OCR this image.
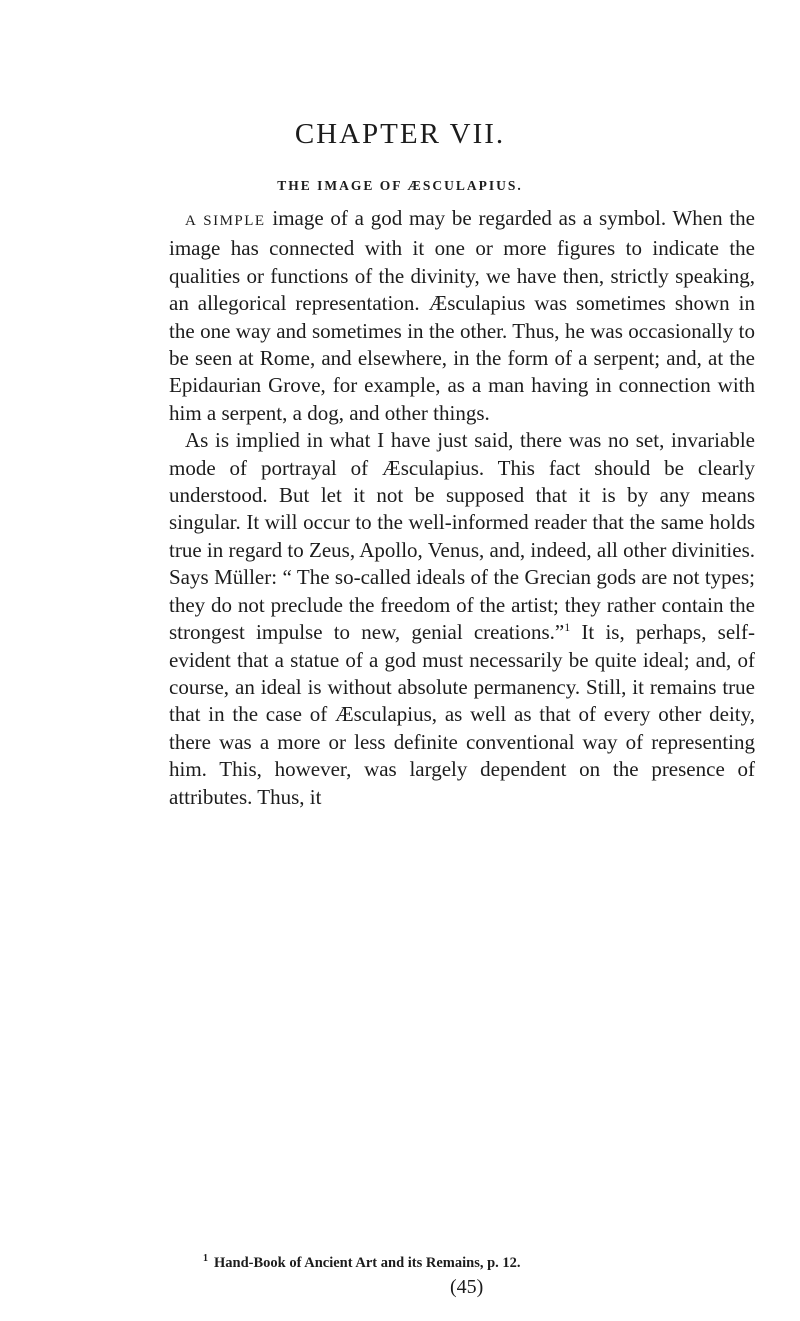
CHAPTER VII.
THE IMAGE OF ÆSCULAPIUS.

A SIMPLE image of a god may be regarded as a symbol. When the image has connected with it one or more figures to indicate the qualities or functions of the divinity, we have then, strictly speaking, an allegorical representation. Æsculapius was sometimes shown in the one way and sometimes in the other. Thus, he was occasionally to be seen at Rome, and elsewhere, in the form of a serpent; and, at the Epidaurian Grove, for example, as a man having in connection with him a serpent, a dog, and other things.

As is implied in what I have just said, there was no set, invariable mode of portrayal of Æsculapius. This fact should be clearly understood. But let it not be supposed that it is by any means singular. It will occur to the well-informed reader that the same holds true in regard to Zeus, Apollo, Venus, and, indeed, all other divinities. Says Müller: “ The so-called ideals of the Grecian gods are not types; they do not preclude the freedom of the artist; they rather contain the strongest impulse to new, genial creations.”$^1$ It is, perhaps, self-evident that a statue of a god must necessarily be quite ideal; and, of course, an ideal is without absolute permanency. Still, it remains true that in the case of Æsculapius, as well as that of every other deity, there was a more or less definite conventional way of representing him. This, however, was largely dependent on the presence of attributes. Thus, it

$^1$ Hand-Book of Ancient Art and its Remains, p. 12.

(45)
